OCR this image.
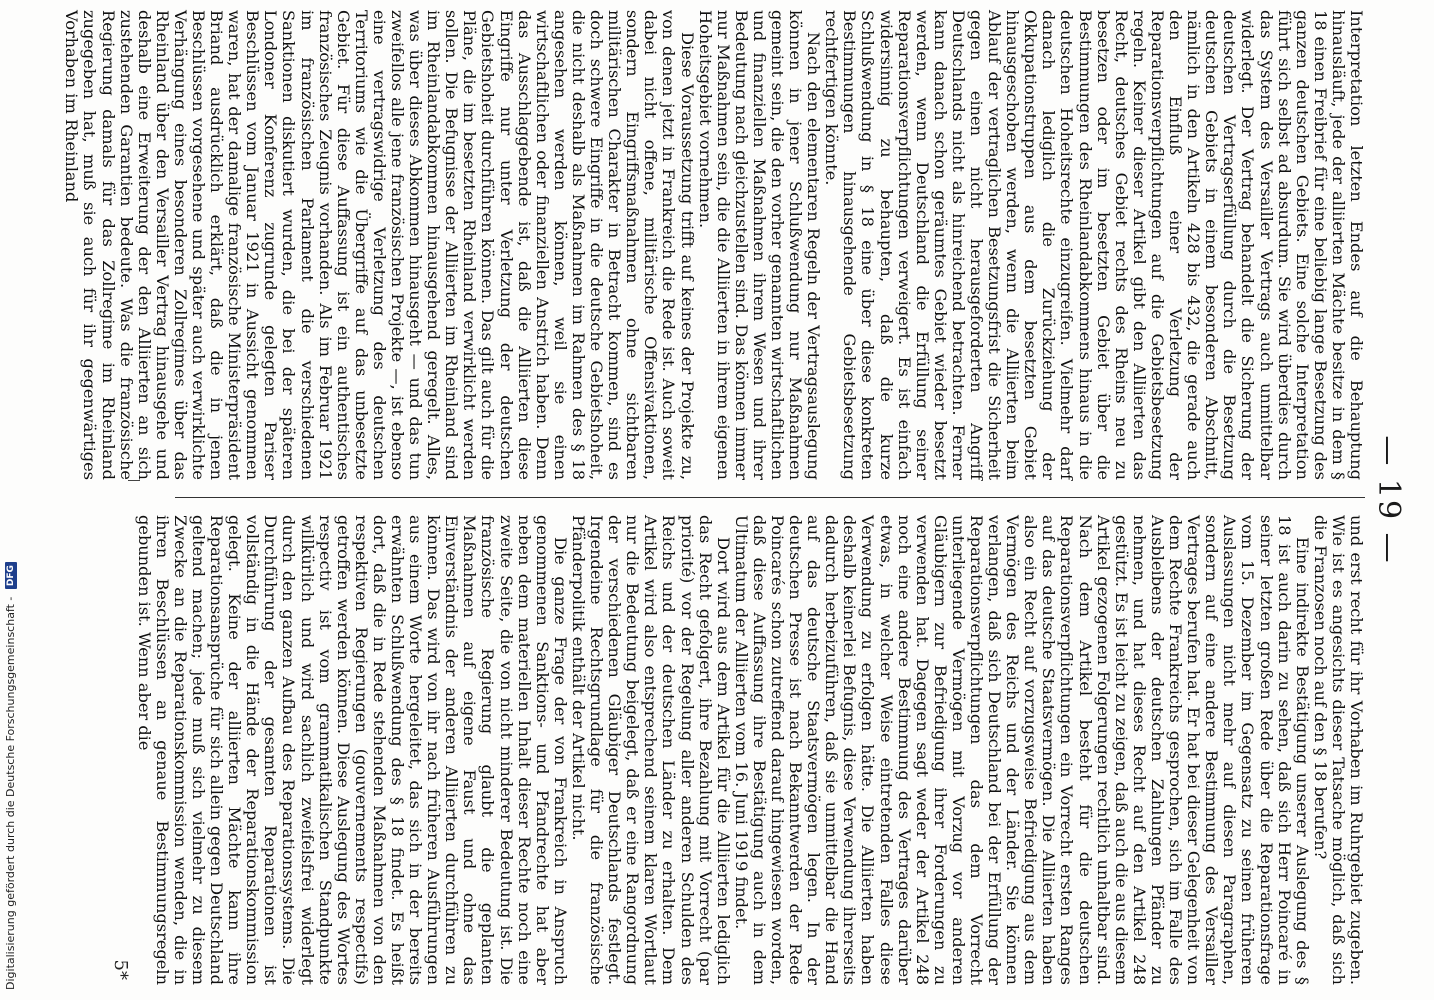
— 19 —

Interpretation letzten Endes auf die Behauptung hinausläuft, jede der alliierten Mächte besitze in dem § 18 einen Freibrief für eine beliebig lange Besetzung des ganzen deutschen Gebiets. Eine solche Interpretation führt sich selbst ad absurdum. Sie wird überdies durch das System des Versailler Vertrags auch unmittelbar widerlegt. Der Vertrag behandelt die Sicherung der deutschen Vertragserfüllung durch die Besetzung deutschen Gebiets in einem besonderen Abschnitt, nämlich in den Artikeln 428 bis 432, die gerade auch den Einfluß einer Verletzung der Reparationsverpflichtungen auf die Gebietsbesetzung regeln. Keiner dieser Artikel gibt den Alliierten das Recht, deutsches Gebiet rechts des Rheins neu zu besetzen oder im besetzten Gebiet über die Bestimmungen des Rheinlandabkommens hinaus in die deutschen Hoheitsrechte einzugreifen. Vielmehr darf danach lediglich die Zurückziehung der Okkupationstruppen aus dem besetzten Gebiet hinausgeschoben werden, wenn die Alliierten beim Ablauf der vertraglichen Besetzungsfrist die Sicherheit gegen einen nicht herausgeforderten Angriff Deutschlands nicht als hinreichend betrachten. Ferner kann danach schon geräumtes Gebiet wieder besetzt werden, wenn Deutschland die Erfüllung seiner Reparationsverpflichtungen verweigert. Es ist einfach widersinnig zu behaupten, daß die kurze Schlußwendung in § 18 eine über diese konkreten Bestimmungen hinausgehende Gebietsbesetzung rechtfertigen könnte.

Nach den elementaren Regeln der Vertragsauslegung können in jener Schlußwendung nur Maßnahmen gemeint sein, die den vorher genannten wirtschaftlichen und finanziellen Maßnahmen ihrem Wesen und ihrer Bedeutung nach gleichzustellen sind. Das können immer nur Maßnahmen sein, die die Alliierten in ihrem eigenen Hoheitsgebiet vornehmen.

Diese Voraussetzung trifft auf keines der Projekte zu, von denen jetzt in Frankreich die Rede ist. Auch soweit dabei nicht offene, militärische Offensivaktionen, sondern Eingriffsmaßnahmen ohne sichtbaren militärischen Charakter in Betracht kommen, sind es doch schwere Eingriffe in die deutsche Gebietshoheit, die nicht deshalb als Maßnahmen im Rahmen des § 18 angesehen werden können, weil sie einen wirtschaftlichen oder finanziellen Anstrich haben. Denn das Ausschlaggebende ist, daß die Alliierten diese Eingriffe nur unter Verletzung der deutschen Gebietshoheit durchführen können. Das gilt auch für die Pläne, die im besetzten Rheinland verwirklicht werden sollen. Die Befugnisse der Alliierten im Rheinland sind im Rheinlandabkommen hinausgehend geregelt. Alles, was über dieses Abkommen hinausgeht — und das tun zweifellos alle jene französischen Projekte —, ist ebenso eine vertragswidrige Verletzung des deutschen Territoriums wie die Übergriffe auf das unbesetzte Gebiet. Für diese Auffassung ist ein authentisches französisches Zeugnis vorhanden. Als im Februar 1921 im französischen Parlament die verschiedenen Sanktionen diskutiert wurden, die bei der späteren Londoner Konferenz zugrunde gelegten Pariser Beschlüssen vom Januar 1921 in Aussicht genommen waren, hat der damalige französische Ministerpräsident Briand ausdrücklich erklärt, daß die in jenen Beschlüssen vorgesehene und später auch verwirklichte Verhängung eines besonderen Zollregimes über das Rheinland über den Versailler Vertrag hinausgehe und deshalb eine Erweiterung der den Alliierten an sich zustehenden Garantien bedeute. Was die französische Regierung damals für das Zollregime im Rheinland zugegeben hat, muß sie auch für ihr gegenwärtiges Vorhaben im Rheinland

und erst recht für ihr Vorhaben im Ruhrgebiet zugeben. Wie ist es angesichts dieser Tatsache möglich, daß sich die Franzosen noch auf den § 18 berufen?

Eine indirekte Bestätigung unserer Auslegung des § 18 ist auch darin zu sehen, daß sich Herr Poincaré in seiner letzten großen Rede über die Reparationsfrage vom 15. Dezember im Gegensatz zu seinen früheren Auslassungen nicht mehr auf diesen Paragraphen, sondern auf eine andere Bestimmung des Versailler Vertrages berufen hat. Er hat bei dieser Gelegenheit von dem Rechte Frankreichs gesprochen, sich im Falle des Ausbleibens der deutschen Zahlungen Pfänder zu nehmen, und hat dieses Recht auf den Artikel 248 gestützt. Es ist leicht zu zeigen, daß auch die aus diesem Artikel gezogenen Folgerungen rechtlich unhaltbar sind. Nach dem Artikel besteht für die deutschen Reparationsverpflichtungen ein Vorrecht ersten Ranges auf das deutsche Staatsvermögen. Die Alliierten haben also ein Recht auf vorzugsweise Befriedigung aus dem Vermögen des Reichs und der Länder. Sie können verlangen, daß sich Deutschland bei der Erfüllung der Reparationsverpflichtungen das dem Vorrecht unterliegende Vermögen mit Vorzug vor anderen Gläubigern zur Befriedigung ihrer Forderungen zu verwenden hat. Dagegen sagt weder der Artikel 248 noch eine andere Bestimmung des Vertrages darüber etwas, in welcher Weise eintretenden Falles diese Verwendung zu erfolgen hätte. Die Alliierten haben deshalb keinerlei Befugnis, diese Verwendung ihrerseits dadurch herbeizuführen, daß sie unmittelbar die Hand auf das deutsche Staatsvermögen legen. In der deutschen Presse ist nach Bekanntwerden der Rede Poincarés schon zutreffend darauf hingewiesen worden, daß diese Auffassung ihre Bestätigung auch in dem Ultimatum der Alliierten vom 16. Juni 1919 findet.

Dort wird aus dem Artikel für die Alliierten lediglich das Recht gefolgert, ihre Bezahlung mit Vorrecht (par priorité) vor der Regelung aller anderen Schulden des Reichs und der deutschen Länder zu erhalten. Dem Artikel wird also entsprechend seinem klaren Wortlaut nur die Bedeutung beigelegt, daß er eine Rangordnung der verschiedenen Gläubiger Deutschlands festlegt. Irgendeine Rechtsgrundlage für die französische Pfänderpolitik enthält der Artikel nicht.

Die ganze Frage der von Frankreich in Anspruch genommenen Sanktions- und Pfandrechte hat aber neben dem materiellen Inhalt dieser Rechte noch eine zweite Seite, die von nicht minderer Bedeutung ist. Die französische Regierung glaubt die geplanten Maßnahmen auf eigene Faust und ohne das Einverständnis der anderen Alliierten durchführen zu können. Das wird von ihr nach früheren Ausführungen aus einem Worte hergeleitet, das sich in der bereits erwähnten Schlußwendung des § 18 findet. Es heißt dort, daß die in Rede stehenden Maßnahmen von den respektiven Regierungen (gouvernements respectifs) getroffen werden können. Diese Auslegung des Wortes respectiv ist vom grammatikalischen Standpunkte willkürlich und wird sachlich zweifelsfrei widerlegt durch den ganzen Aufbau des Reparationssystems. Die Durchführung der gesamten Reparationen ist vollständig in die Hände der Reparationskommission gelegt. Keine der alliierten Mächte kann ihre Reparationsansprüche für sich allein gegen Deutschland geltend machen; jede muß sich vielmehr zu diesem Zwecke an die Reparationskommission wenden, die in ihren Beschlüssen an genaue Bestimmungsregeln gebunden ist. Wenn aber die

5*
Digitalisierung gefördert durch die Deutsche Forschungsgemeinschaft - DFG
